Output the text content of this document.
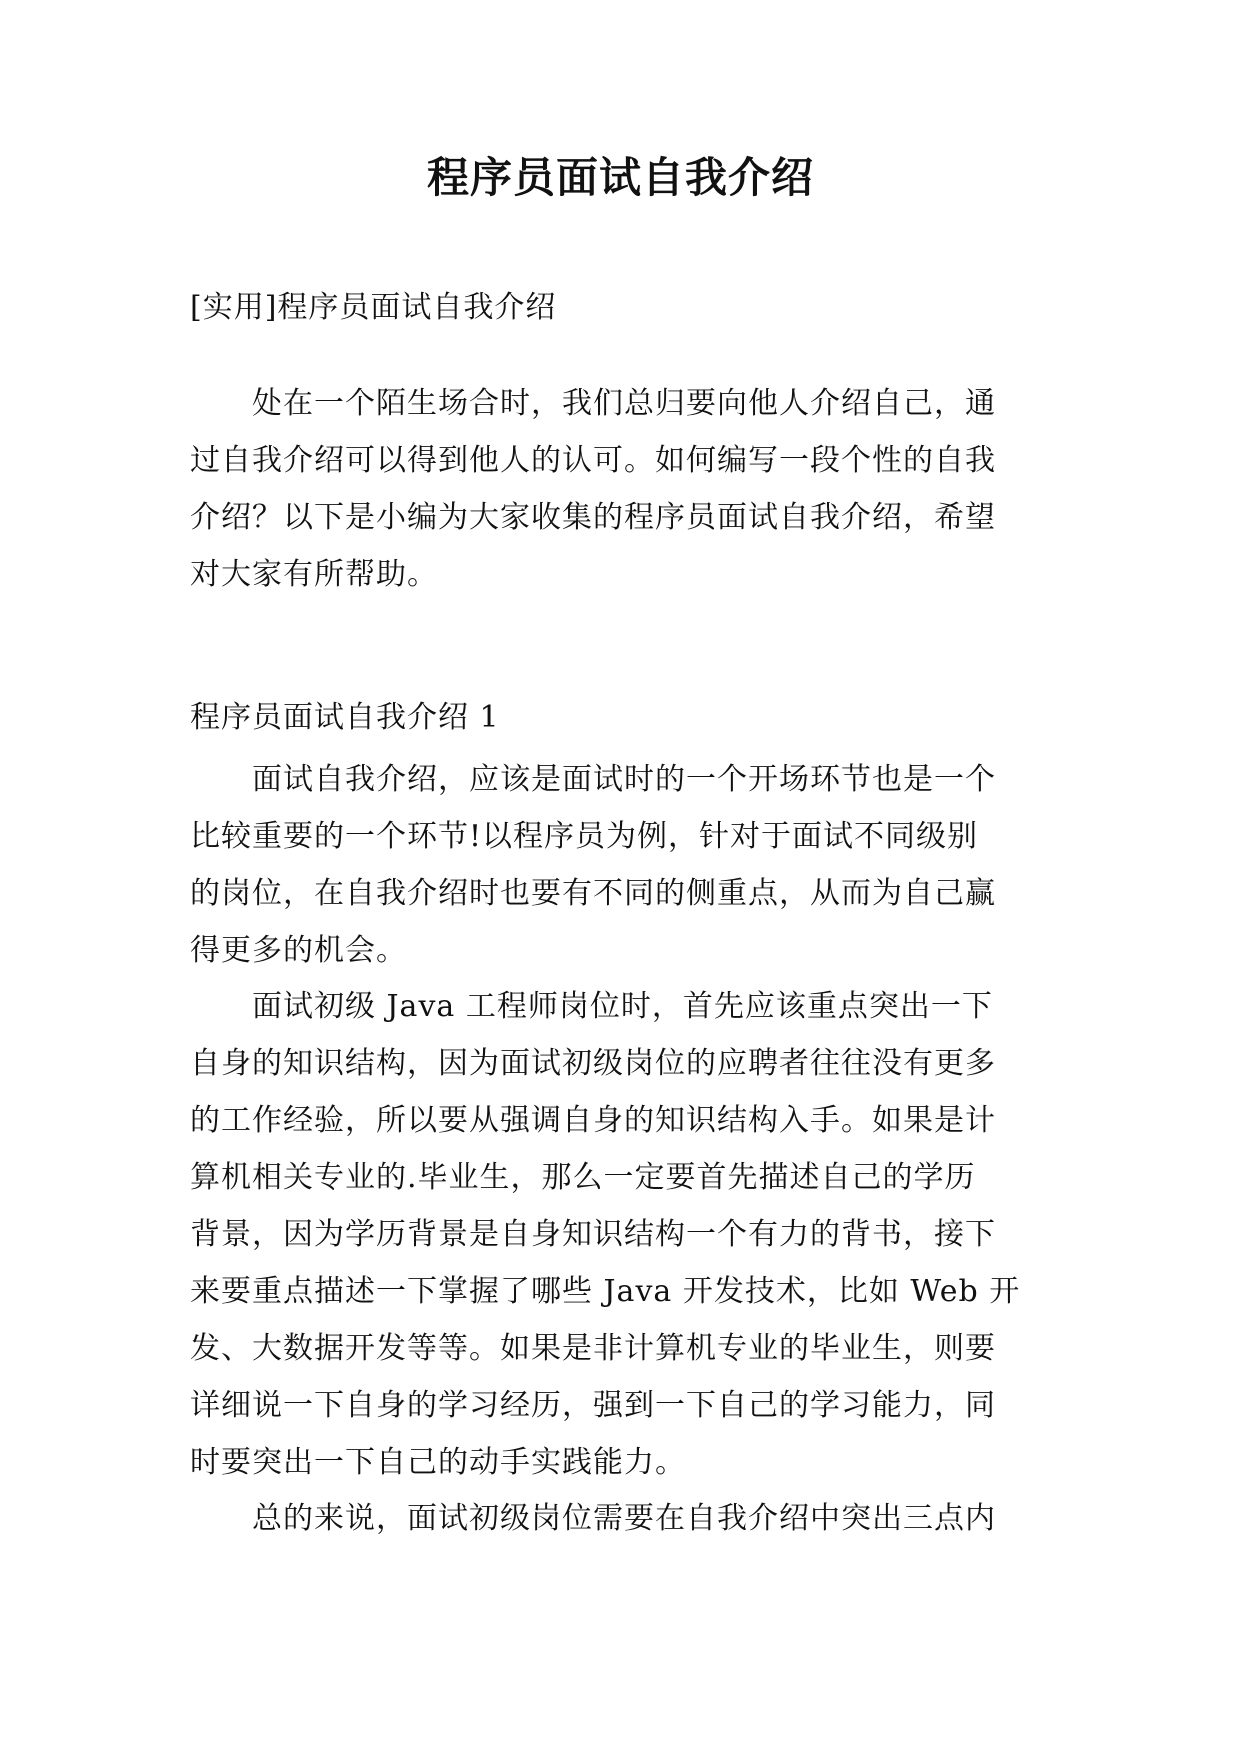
程序员面试自我介绍
[实用]程序员面试自我介绍
　　处在一个陌生场合时，我们总归要向他人介绍自己，通
过自我介绍可以得到他人的认可。如何编写一段个性的自我
介绍？以下是小编为大家收集的程序员面试自我介绍，希望
对大家有所帮助。
程序员面试自我介绍 1
　　面试自我介绍，应该是面试时的一个开场环节也是一个
比较重要的一个环节!以程序员为例，针对于面试不同级别
的岗位，在自我介绍时也要有不同的侧重点，从而为自己赢
得更多的机会。
　　面试初级 Java 工程师岗位时，首先应该重点突出一下
自身的知识结构，因为面试初级岗位的应聘者往往没有更多
的工作经验，所以要从强调自身的知识结构入手。如果是计
算机相关专业的.毕业生，那么一定要首先描述自己的学历
背景，因为学历背景是自身知识结构一个有力的背书，接下
来要重点描述一下掌握了哪些 Java 开发技术，比如 Web 开
发、大数据开发等等。如果是非计算机专业的毕业生，则要
详细说一下自身的学习经历，强到一下自己的学习能力，同
时要突出一下自己的动手实践能力。
　　总的来说，面试初级岗位需要在自我介绍中突出三点内
